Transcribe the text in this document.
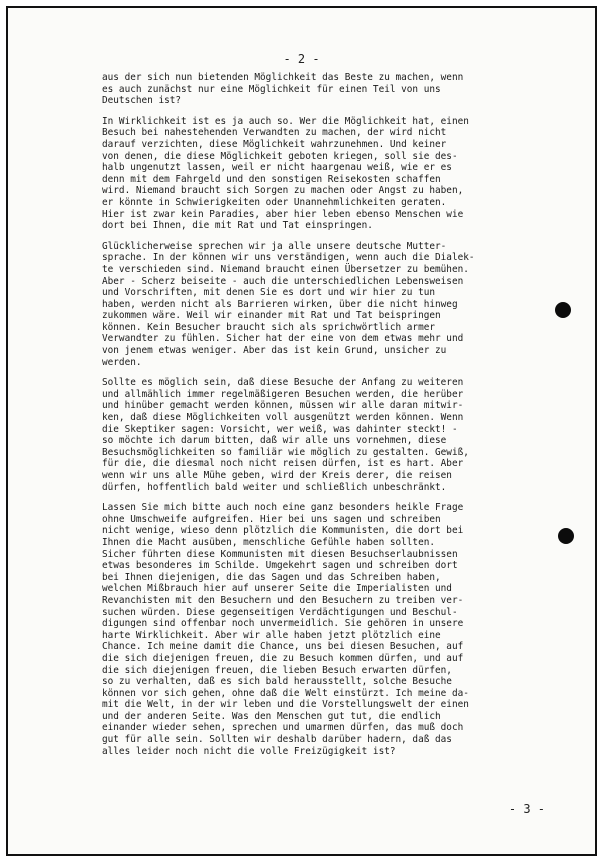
- 2 -
aus der sich nun bietenden Möglichkeit das Beste zu machen, wenn
es auch zunächst nur eine Möglichkeit für einen Teil von uns
Deutschen ist?
In Wirklichkeit ist es ja auch so. Wer die Möglichkeit hat, einen
Besuch bei nahestehenden Verwandten zu machen, der wird nicht
darauf verzichten, diese Möglichkeit wahrzunehmen. Und keiner
von denen, die diese Möglichkeit geboten kriegen, soll sie des-
halb ungenutzt lassen, weil er nicht haargenau weiß, wie er es
denn mit dem Fahrgeld und den sonstigen Reisekosten schaffen
wird. Niemand braucht sich Sorgen zu machen oder Angst zu haben,
er könnte in Schwierigkeiten oder Unannehmlichkeiten geraten.
Hier ist zwar kein Paradies, aber hier leben ebenso Menschen wie
dort bei Ihnen, die mit Rat und Tat einspringen.
Glücklicherweise sprechen wir ja alle unsere deutsche Mutter-
sprache. In der können wir uns verständigen, wenn auch die Dialek-
te verschieden sind. Niemand braucht einen Übersetzer zu bemühen.
Aber - Scherz beiseite - auch die unterschiedlichen Lebensweisen
und Vorschriften, mit denen Sie es dort und wir hier zu tun
haben, werden nicht als Barrieren wirken, über die nicht hinweg
zukommen wäre. Weil wir einander mit Rat und Tat beispringen
können. Kein Besucher braucht sich als sprichwörtlich armer
Verwandter zu fühlen. Sicher hat der eine von dem etwas mehr und
von jenem etwas weniger. Aber das ist kein Grund, unsicher zu
werden.
Sollte es möglich sein, daß diese Besuche der Anfang zu weiteren
und allmählich immer regelmäßigeren Besuchen werden, die herüber
und hinüber gemacht werden können, müssen wir alle daran mitwir-
ken, daß diese Möglichkeiten voll ausgenützt werden können. Wenn
die Skeptiker sagen: Vorsicht, wer weiß, was dahinter steckt! -
so möchte ich darum bitten, daß wir alle uns vornehmen, diese
Besuchsmöglichkeiten so familiär wie möglich zu gestalten. Gewiß,
für die, die diesmal noch nicht reisen dürfen, ist es hart. Aber
wenn wir uns alle Mühe geben, wird der Kreis derer, die reisen
dürfen, hoffentlich bald weiter und schließlich unbeschränkt.
Lassen Sie mich bitte auch noch eine ganz besonders heikle Frage
ohne Umschweife aufgreifen. Hier bei uns sagen und schreiben
nicht wenige, wieso denn plötzlich die Kommunisten, die dort bei
Ihnen die Macht ausüben, menschliche Gefühle haben sollten.
Sicher führten diese Kommunisten mit diesen Besuchserlaubnissen
etwas besonderes im Schilde. Umgekehrt sagen und schreiben dort
bei Ihnen diejenigen, die das Sagen und das Schreiben haben,
welchen Mißbrauch hier auf unserer Seite die Imperialisten und
Revanchisten mit den Besuchern und den Besuchern zu treiben ver-
suchen würden. Diese gegenseitigen Verdächtigungen und Beschul-
digungen sind offenbar noch unvermeidlich. Sie gehören in unsere
harte Wirklichkeit. Aber wir alle haben jetzt plötzlich eine
Chance. Ich meine damit die Chance, uns bei diesen Besuchen, auf
die sich diejenigen freuen, die zu Besuch kommen dürfen, und auf
die sich diejenigen freuen, die lieben Besuch erwarten dürfen,
so zu verhalten, daß es sich bald herausstellt, solche Besuche
können vor sich gehen, ohne daß die Welt einstürzt. Ich meine da-
mit die Welt, in der wir leben und die Vorstellungswelt der einen
und der anderen Seite. Was den Menschen gut tut, die endlich
einander wieder sehen, sprechen und umarmen dürfen, das muß doch
gut für alle sein. Sollten wir deshalb darüber hadern, daß das
alles leider noch nicht die volle Freizügigkeit ist?
- 3 -
